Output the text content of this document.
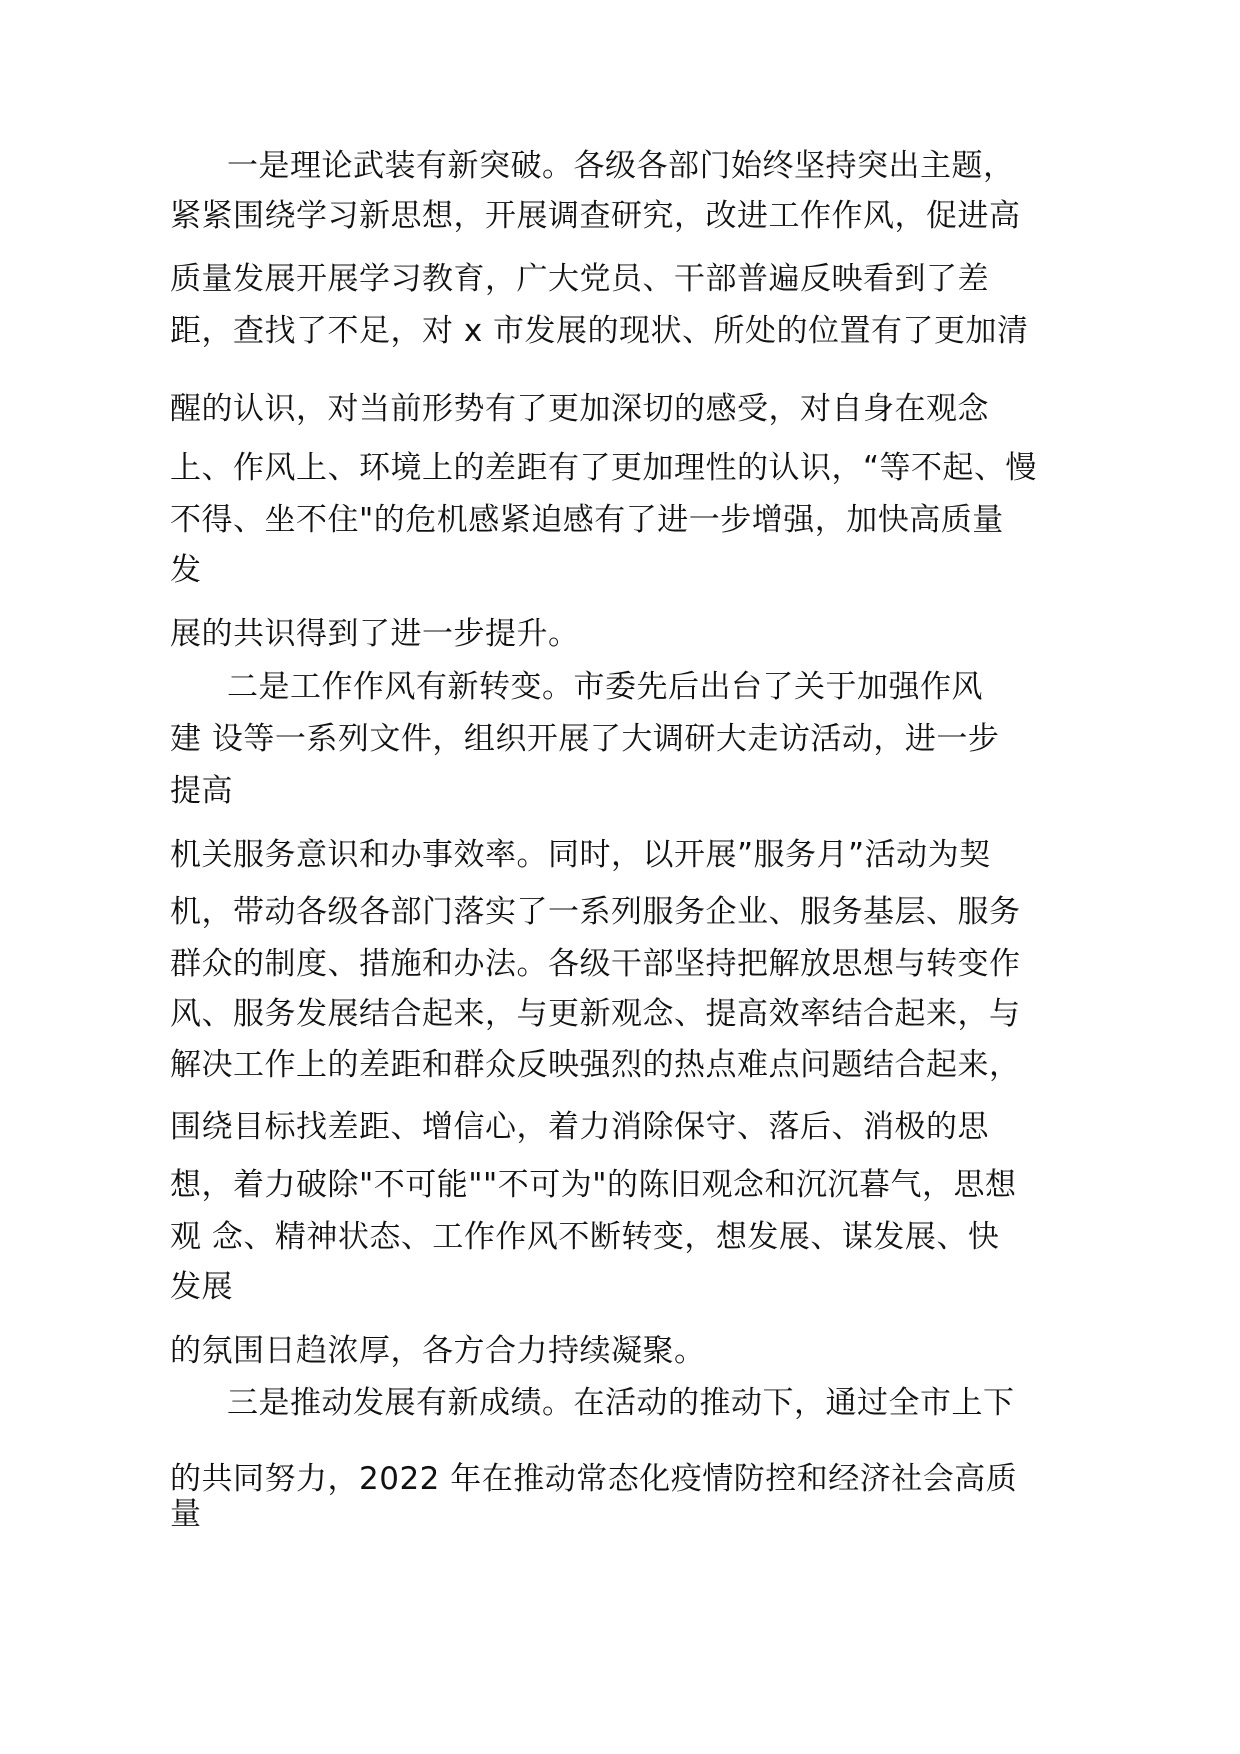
一是理论武装有新突破。各级各部门始终坚持突出主题，
紧紧围绕学习新思想，开展调查研究，改进工作作风，促进高
质量发展开展学习教育，广大党员、干部普遍反映看到了差
距，查找了不足，对 x 市发展的现状、所处的位置有了更加清
醒的认识，对当前形势有了更加深切的感受，对自身在观念
上、作风上、环境上的差距有了更加理性的认识，“等不起、慢
不得、坐不住"的危机感紧迫感有了进一步增强，加快高质量
发
展的共识得到了进一步提升。
二是工作作风有新转变。市委先后出台了关于加强作风
建 设等一系列文件，组织开展了大调研大走访活动，进一步
提高
机关服务意识和办事效率。同时，以开展”服务月”活动为契
机，带动各级各部门落实了一系列服务企业、服务基层、服务
群众的制度、措施和办法。各级干部坚持把解放思想与转变作
风、服务发展结合起来，与更新观念、提高效率结合起来，与
解决工作上的差距和群众反映强烈的热点难点问题结合起来，
围绕目标找差距、增信心，着力消除保守、落后、消极的思
想，着力破除"不可能""不可为"的陈旧观念和沉沉暮气，思想
观 念、精神状态、工作作风不断转变，想发展、谋发展、快
发展
的氛围日趋浓厚，各方合力持续凝聚。
三是推动发展有新成绩。在活动的推动下，通过全市上下
的共同努力，2022 年在推动常态化疫情防控和经济社会高质
量
